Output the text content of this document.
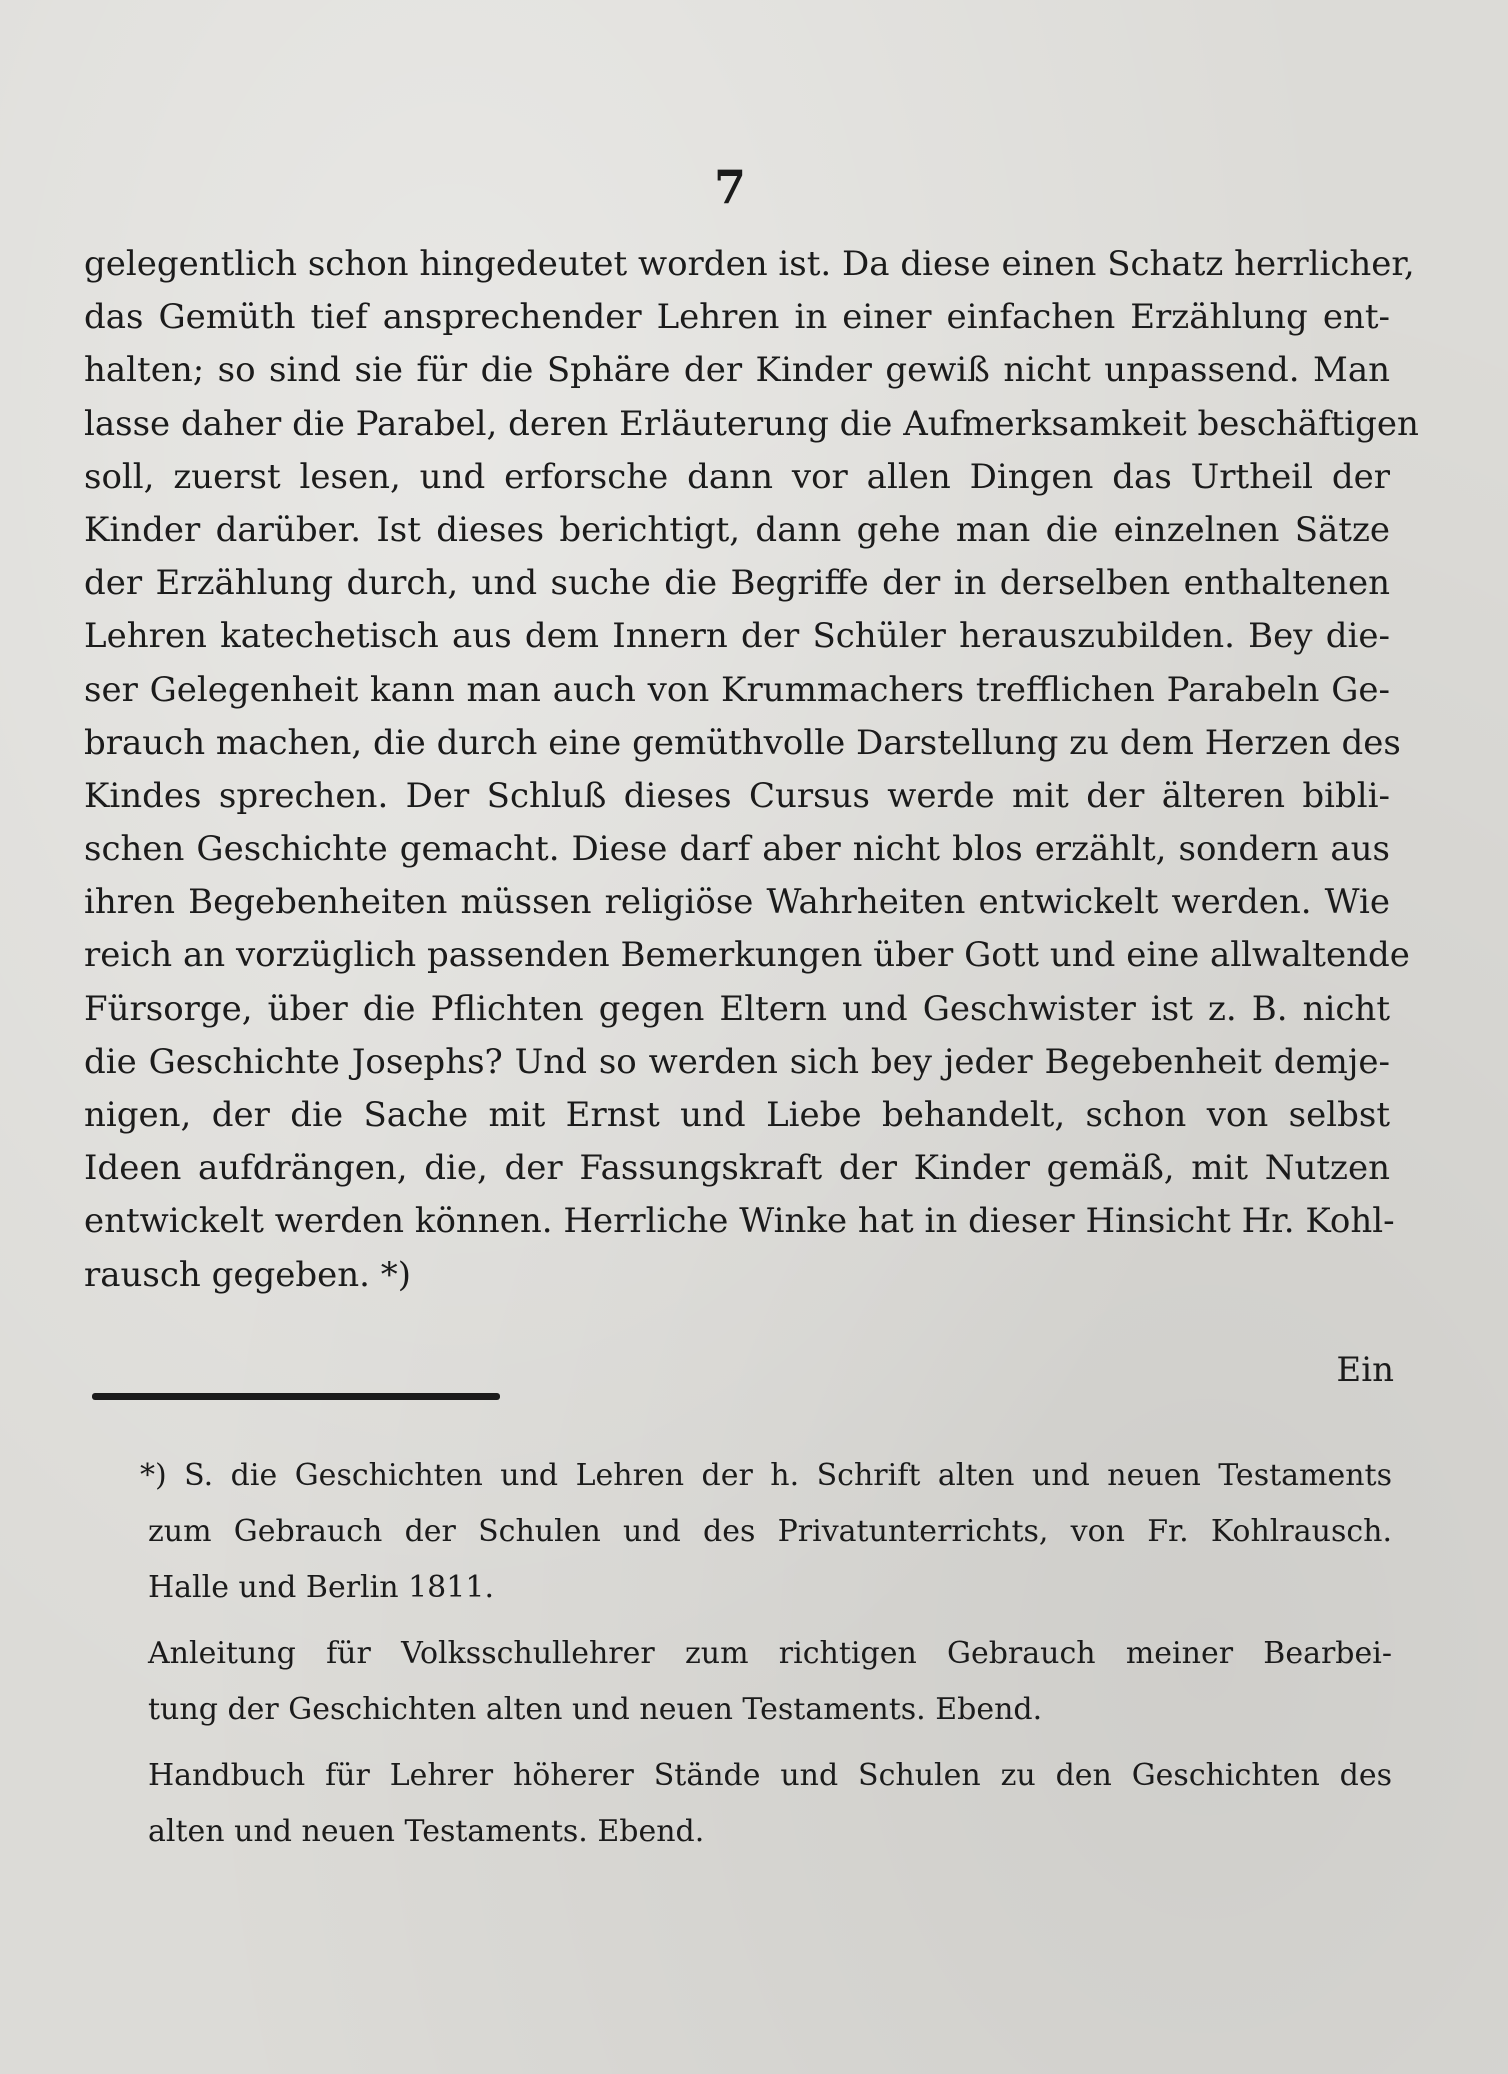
7
gelegentlich schon hingedeutet worden ist. Da diese einen Schatz herrlicher,
das Gemüth tief ansprechender Lehren in einer einfachen Erzählung ent-
halten; so sind sie für die Sphäre der Kinder gewiß nicht unpassend. Man
lasse daher die Parabel, deren Erläuterung die Aufmerksamkeit beschäftigen
soll, zuerst lesen, und erforsche dann vor allen Dingen das Urtheil der
Kinder darüber. Ist dieses berichtigt, dann gehe man die einzelnen Sätze
der Erzählung durch, und suche die Begriffe der in derselben enthaltenen
Lehren katechetisch aus dem Innern der Schüler herauszubilden. Bey die-
ser Gelegenheit kann man auch von Krummachers trefflichen Parabeln Ge-
brauch machen, die durch eine gemüthvolle Darstellung zu dem Herzen des
Kindes sprechen. Der Schluß dieses Cursus werde mit der älteren bibli-
schen Geschichte gemacht. Diese darf aber nicht blos erzählt, sondern aus
ihren Begebenheiten müssen religiöse Wahrheiten entwickelt werden. Wie
reich an vorzüglich passenden Bemerkungen über Gott und eine allwaltende
Fürsorge, über die Pflichten gegen Eltern und Geschwister ist z. B. nicht
die Geschichte Josephs? Und so werden sich bey jeder Begebenheit demje-
nigen, der die Sache mit Ernst und Liebe behandelt, schon von selbst
Ideen aufdrängen, die, der Fassungskraft der Kinder gemäß, mit Nutzen
entwickelt werden können. Herrliche Winke hat in dieser Hinsicht Hr. Kohl-
rausch gegeben. *)
Ein
*) S. die Geschichten und Lehren der h. Schrift alten und neuen Testaments
zum Gebrauch der Schulen und des Privatunterrichts, von Fr. Kohlrausch.
Halle und Berlin 1811.
Anleitung für Volksschullehrer zum richtigen Gebrauch meiner Bearbei-
tung der Geschichten alten und neuen Testaments. Ebend.
Handbuch für Lehrer höherer Stände und Schulen zu den Geschichten des
alten und neuen Testaments. Ebend.
